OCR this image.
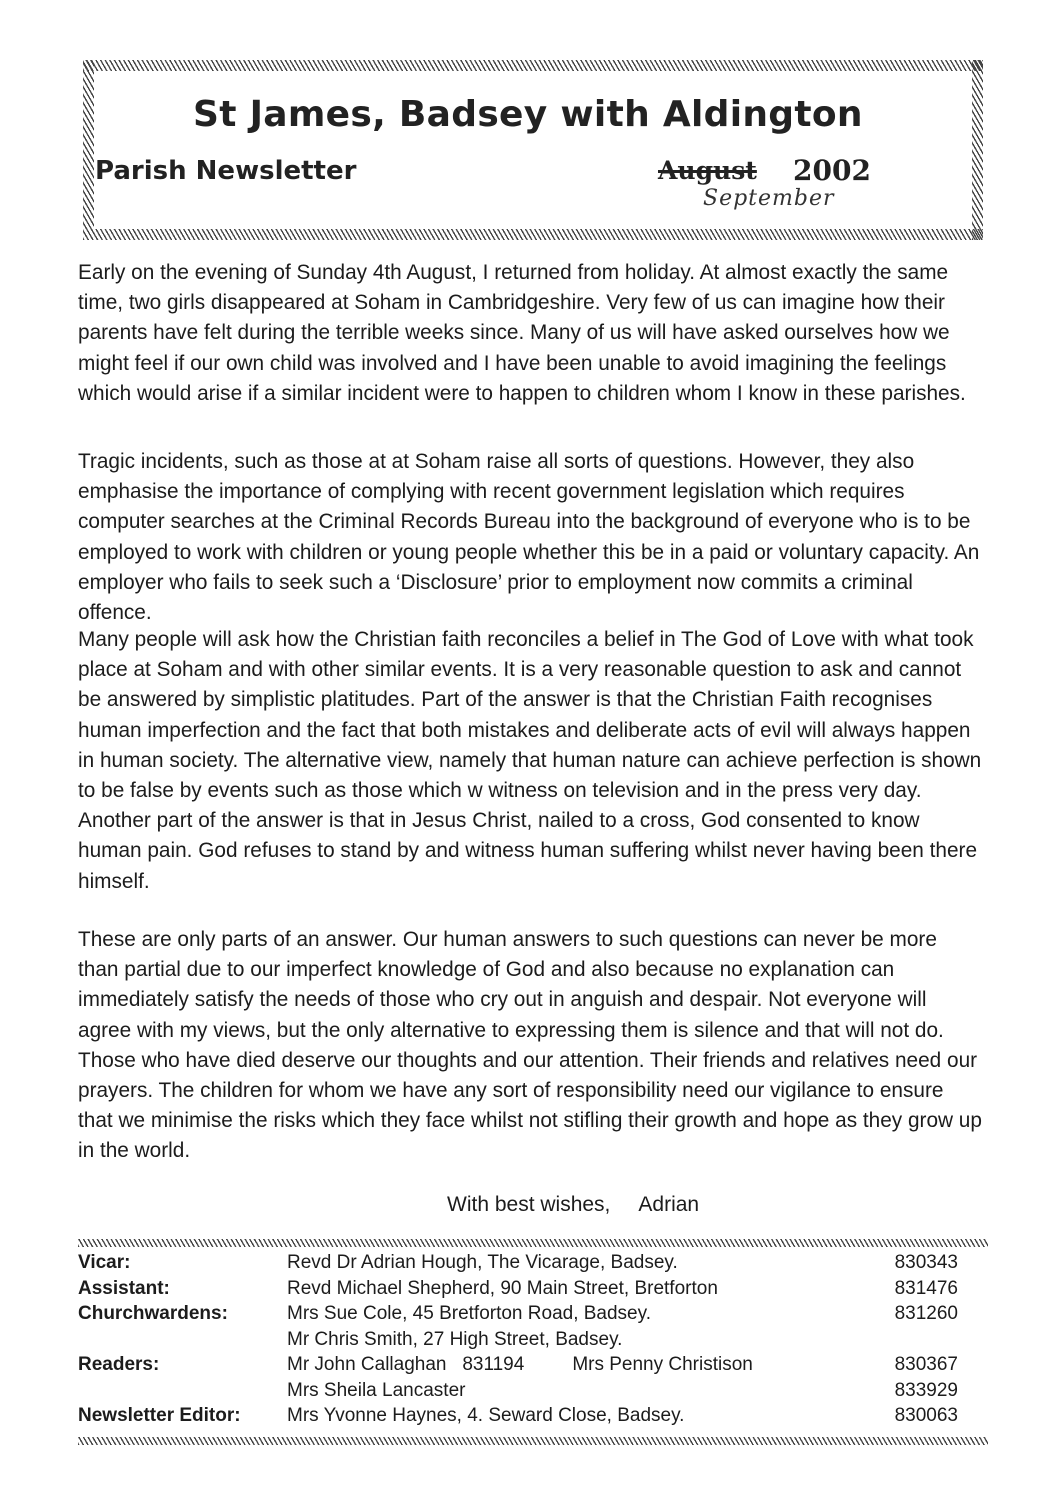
St James, Badsey with Aldington
Parish Newsletter	August 2002
September
Early on the evening of Sunday 4th August, I returned from holiday. At almost exactly the same time, two girls disappeared at Soham in Cambridgeshire. Very few of us can imagine how their parents have felt during the terrible weeks since. Many of us will have asked ourselves how we might feel if our own child was involved and I have been unable to avoid imagining the feelings which would arise if a similar incident were to happen to children whom I know in these parishes.
Tragic incidents, such as those at at Soham raise all sorts of questions. However, they also emphasise the importance of complying with recent government legislation which requires computer searches at the Criminal Records Bureau into the background of everyone who is to be employed to work with children or young people whether this be in a paid or voluntary capacity. An employer who fails to seek such a ‘Disclosure’ prior to employment now commits a criminal offence.
Many people will ask how the Christian faith reconciles a belief in The God of Love with what took place at Soham and with other similar events. It is a very reasonable question to ask and cannot be answered by simplistic platitudes. Part of the answer is that the Christian Faith recognises human imperfection and the fact that both mistakes and deliberate acts of evil will always happen in human society. The alternative view, namely that human nature can achieve perfection is shown to be false by events such as those which w witness on television and in the press very day. Another part of the answer is that in Jesus Christ, nailed to a cross, God consented to know human pain. God refuses to stand by and witness human suffering whilst never having been there himself.
These are only parts of an answer. Our human answers to such questions can never be more than partial due to our imperfect knowledge of God and also because no explanation can immediately satisfy the needs of those who cry out in anguish and despair. Not everyone will agree with my views, but the only alternative to expressing them is silence and that will not do. Those who have died deserve our thoughts and our attention. Their friends and relatives need our prayers. The children for whom we have any sort of responsibility need our vigilance to ensure that we minimise the risks which they face whilst not stifling their growth and hope as they grow up in the world.
With best wishes, Adrian
Vicar:	Revd Dr Adrian Hough, The Vicarage, Badsey.	830343
Assistant:	Revd Michael Shepherd, 90 Main Street, Bretforton	831476
Churchwardens:	Mrs Sue Cole, 45 Bretforton Road, Badsey.	831260
	Mr Chris Smith, 27 High Street, Badsey.	
Readers:	Mr John Callaghan   831194 Mrs Penny Christison	830367
	Mrs Sheila Lancaster	833929
Newsletter Editor:	Mrs Yvonne Haynes, 4. Seward Close, Badsey.	830063
